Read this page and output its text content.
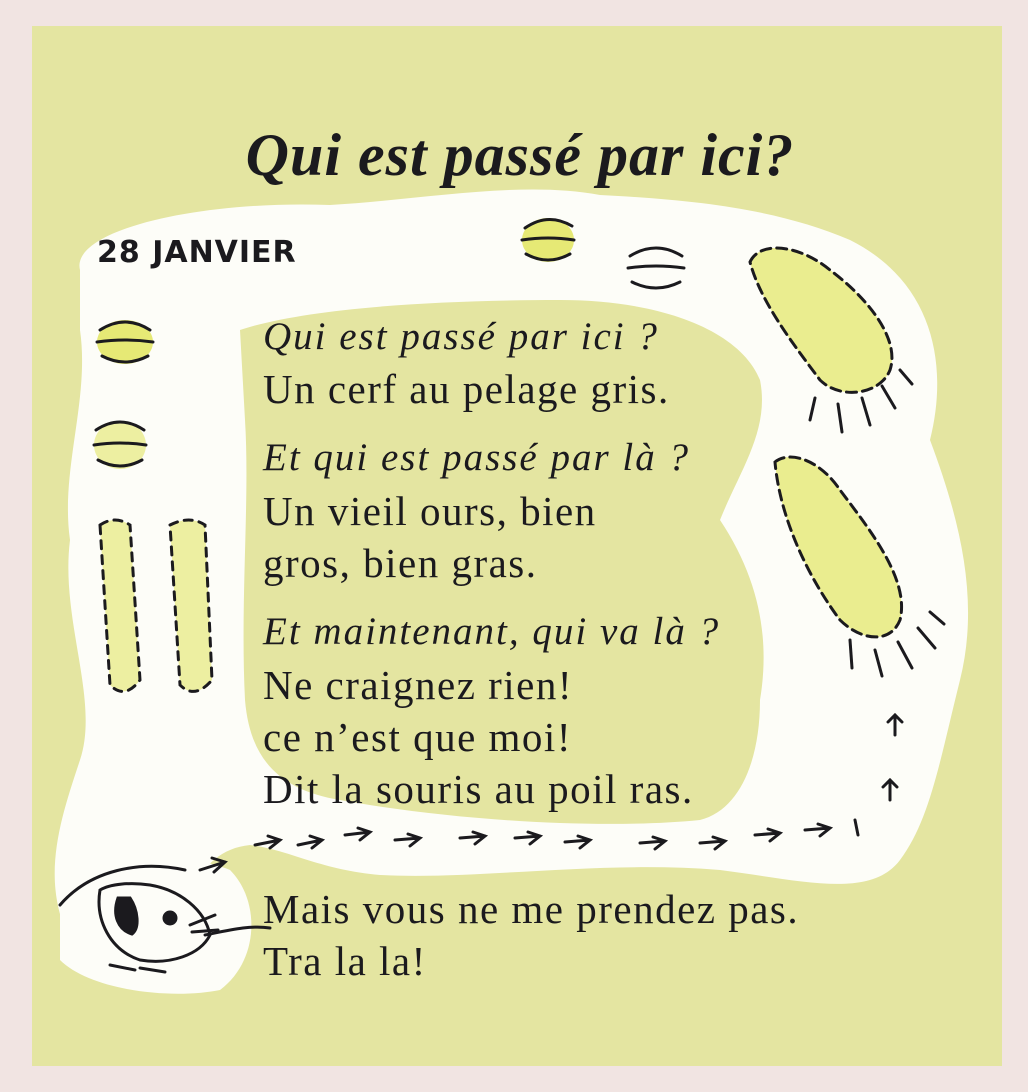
Qui est passé par ici?
28 JANVIER

Qui est passé par ici ?

Un cerf au pelage gris.

Et qui est passé par là ?

Un vieil ours, bien

gros, bien gras.

Et maintenant, qui va là ?

Ne craignez rien!

ce n’est que moi!

Dit la souris au poil ras.

Mais vous ne me prendez pas.

Tra la la!
